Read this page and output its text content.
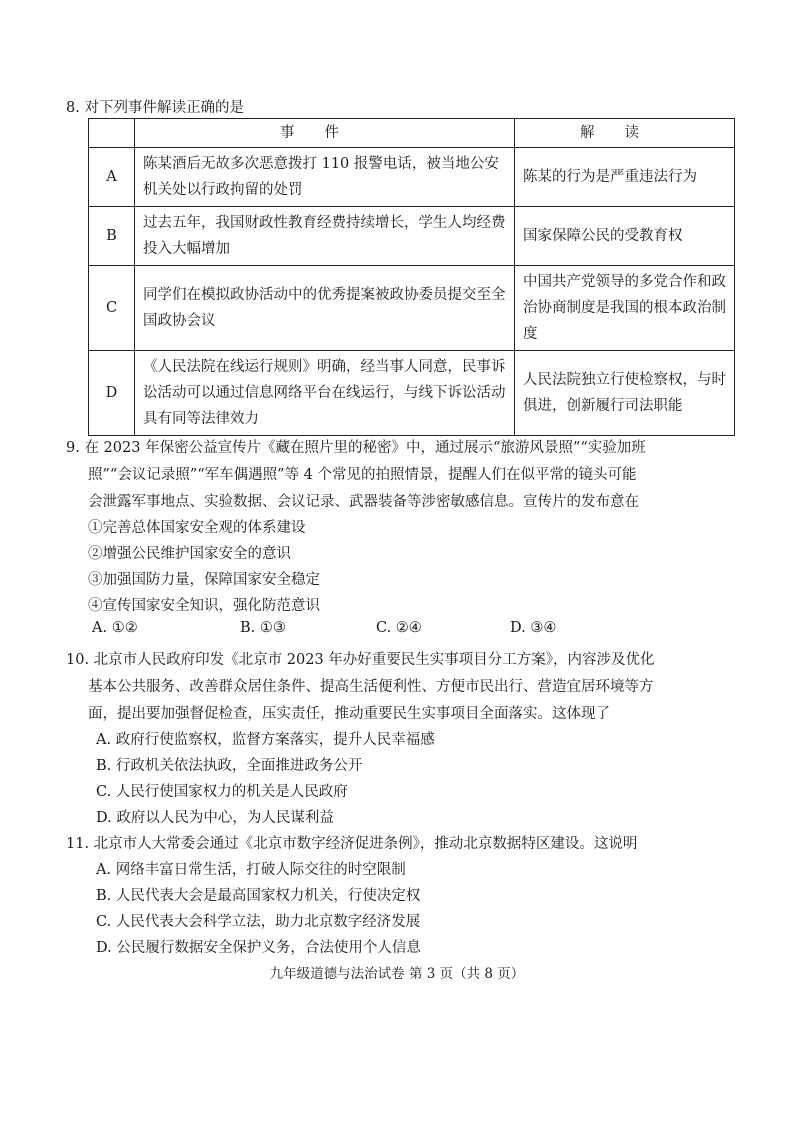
8. 对下列事件解读正确的是
	事件	解读
A	陈某酒后无故多次恶意拨打 110 报警电话，被当地公安机关处以行政拘留的处罚	陈某的行为是严重违法行为
B	过去五年，我国财政性教育经费持续增长，学生人均经费投入大幅增加	国家保障公民的受教育权
C	同学们在模拟政协活动中的优秀提案被政协委员提交至全国政协会议	中国共产党领导的多党合作和政治协商制度是我国的根本政治制度
D	《人民法院在线运行规则》明确，经当事人同意，民事诉讼活动可以通过信息网络平台在线运行，与线下诉讼活动具有同等法律效力	人民法院独立行使检察权，与时俱进，创新履行司法职能
9. 在 2023 年保密公益宣传片《藏在照片里的秘密》中，通过展示“旅游风景照”“实验加班
照”“会议记录照”“军车偶遇照”等 4 个常见的拍照情景，提醒人们在似平常的镜头可能
会泄露军事地点、实验数据、会议记录、武器装备等涉密敏感信息。宣传片的发布意在
①完善总体国家安全观的体系建设
②增强公民维护国家安全的意识
③加强国防力量，保障国家安全稳定
④宣传国家安全知识，强化防范意识
A. ①②	B. ①③	C. ②④	D. ③④
10. 北京市人民政府印发《北京市 2023 年办好重要民生实事项目分工方案》，内容涉及优化
基本公共服务、改善群众居住条件、提高生活便利性、方便市民出行、营造宜居环境等方
面，提出要加强督促检查，压实责任，推动重要民生实事项目全面落实。这体现了
A. 政府行使监察权，监督方案落实，提升人民幸福感
B. 行政机关依法执政，全面推进政务公开
C. 人民行使国家权力的机关是人民政府
D. 政府以人民为中心，为人民谋利益
11. 北京市人大常委会通过《北京市数字经济促进条例》，推动北京数据特区建设。这说明
A. 网络丰富日常生活，打破人际交往的时空限制
B. 人民代表大会是最高国家权力机关，行使决定权
C. 人民代表大会科学立法，助力北京数字经济发展
D. 公民履行数据安全保护义务，合法使用个人信息
九年级道德与法治试卷 第 3 页（共 8 页）
